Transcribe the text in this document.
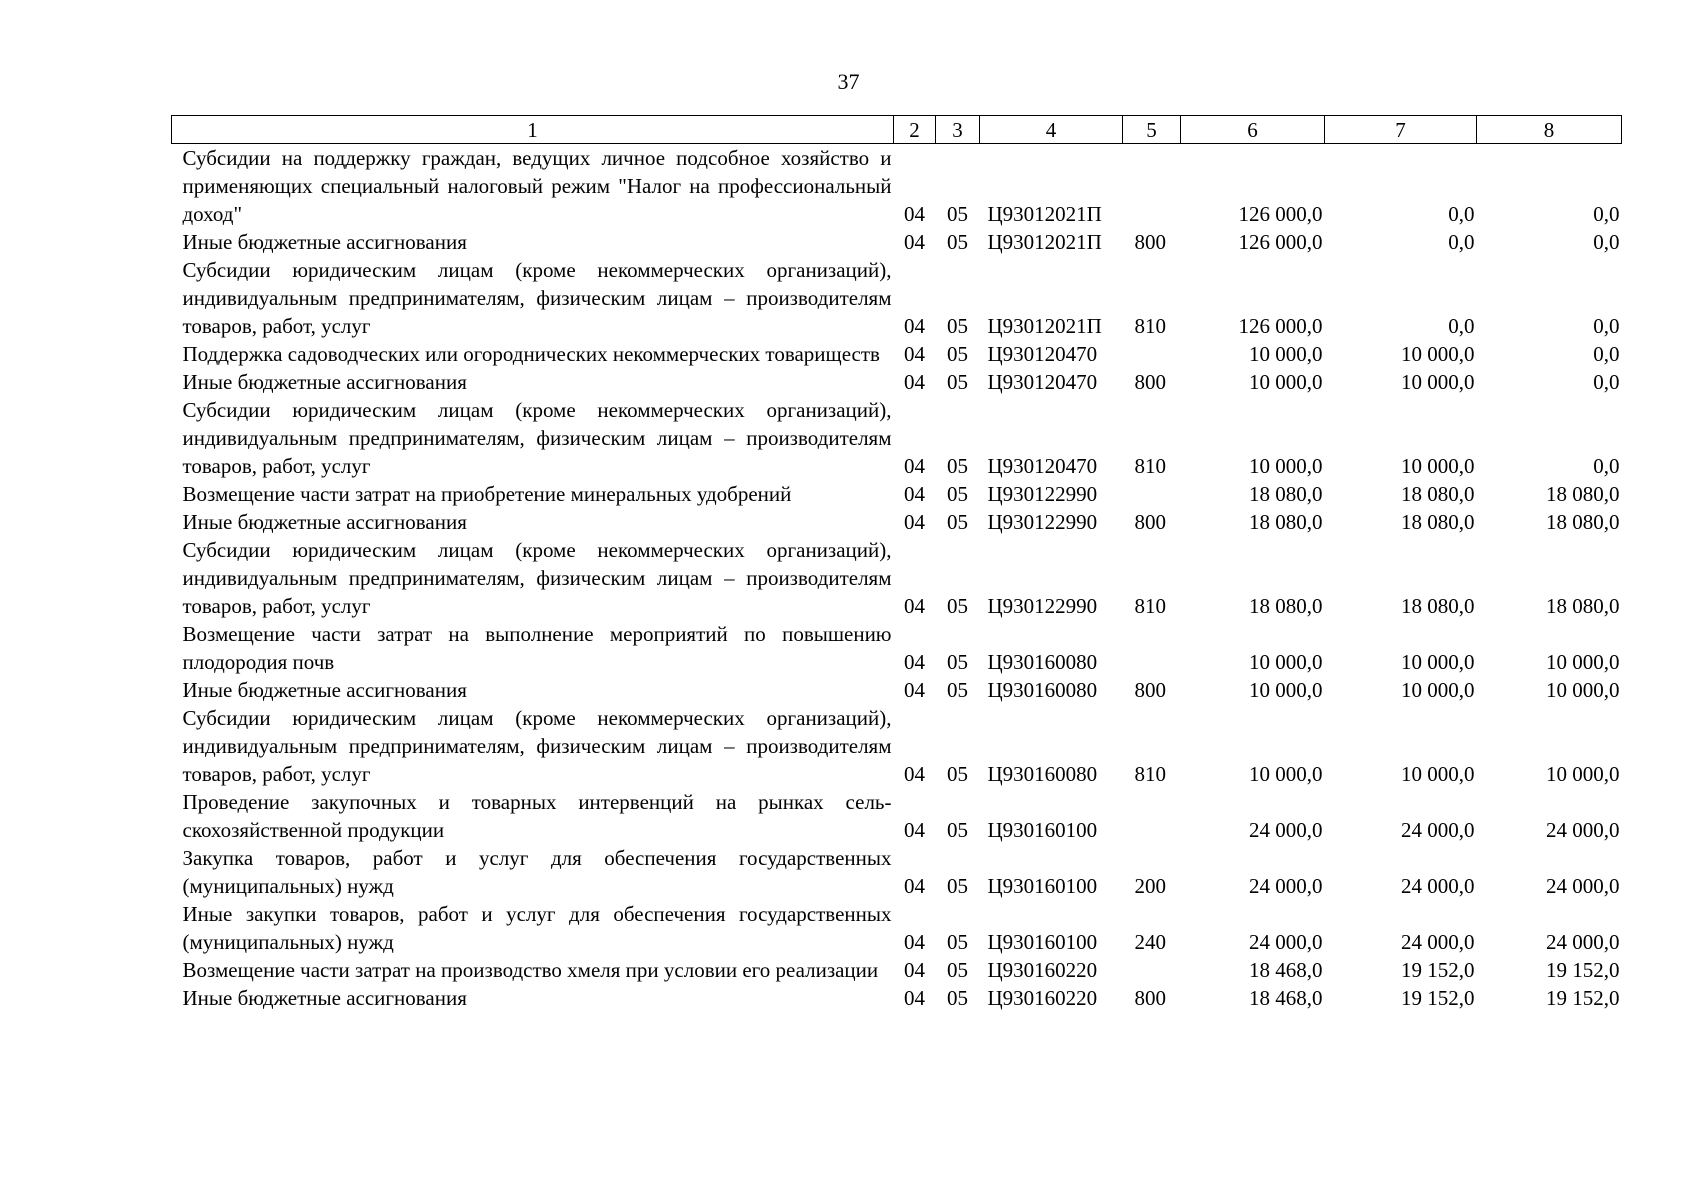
37
1	2	3	4	5	6	7	8
Субсидии на поддержку граждан, ведущих личное подсобное хозяйство и применяющих специальный налоговый режим "Налог на профессиональный доход"	04	05	Ц93012021П		126 000,0	0,0	0,0
Иные бюджетные ассигнования	04	05	Ц93012021П	800	126 000,0	0,0	0,0
Субсидии юридическим лицам (кроме некоммерческих организаций), индивидуальным предпринимателям, физическим лицам – производителям товаров, работ, услуг	04	05	Ц93012021П	810	126 000,0	0,0	0,0
Поддержка садоводческих или огороднических некоммерческих товариществ	04	05	Ц930120470		10 000,0	10 000,0	0,0
Иные бюджетные ассигнования	04	05	Ц930120470	800	10 000,0	10 000,0	0,0
Субсидии юридическим лицам (кроме некоммерческих организаций), индивидуальным предпринимателям, физическим лицам – производителям товаров, работ, услуг	04	05	Ц930120470	810	10 000,0	10 000,0	0,0
Возмещение части затрат на приобретение минеральных удобрений	04	05	Ц930122990		18 080,0	18 080,0	18 080,0
Иные бюджетные ассигнования	04	05	Ц930122990	800	18 080,0	18 080,0	18 080,0
Субсидии юридическим лицам (кроме некоммерческих организаций), индивидуальным предпринимателям, физическим лицам – производителям товаров, работ, услуг	04	05	Ц930122990	810	18 080,0	18 080,0	18 080,0
Возмещение части затрат на выполнение мероприятий по повышению плодородия почв	04	05	Ц930160080		10 000,0	10 000,0	10 000,0
Иные бюджетные ассигнования	04	05	Ц930160080	800	10 000,0	10 000,0	10 000,0
Субсидии юридическим лицам (кроме некоммерческих организаций), индивидуальным предпринимателям, физическим лицам – производителям товаров, работ, услуг	04	05	Ц930160080	810	10 000,0	10 000,0	10 000,0
Проведение закупочных и товарных интервенций на рынках сельскохозяйственной продукции	04	05	Ц930160100		24 000,0	24 000,0	24 000,0
Закупка товаров, работ и услуг для обеспечения государственных (муниципальных) нужд	04	05	Ц930160100	200	24 000,0	24 000,0	24 000,0
Иные закупки товаров, работ и услуг для обеспечения государственных (муниципальных) нужд	04	05	Ц930160100	240	24 000,0	24 000,0	24 000,0
Возмещение части затрат на производство хмеля при условии его реализации	04	05	Ц930160220		18 468,0	19 152,0	19 152,0
Иные бюджетные ассигнования	04	05	Ц930160220	800	18 468,0	19 152,0	19 152,0
